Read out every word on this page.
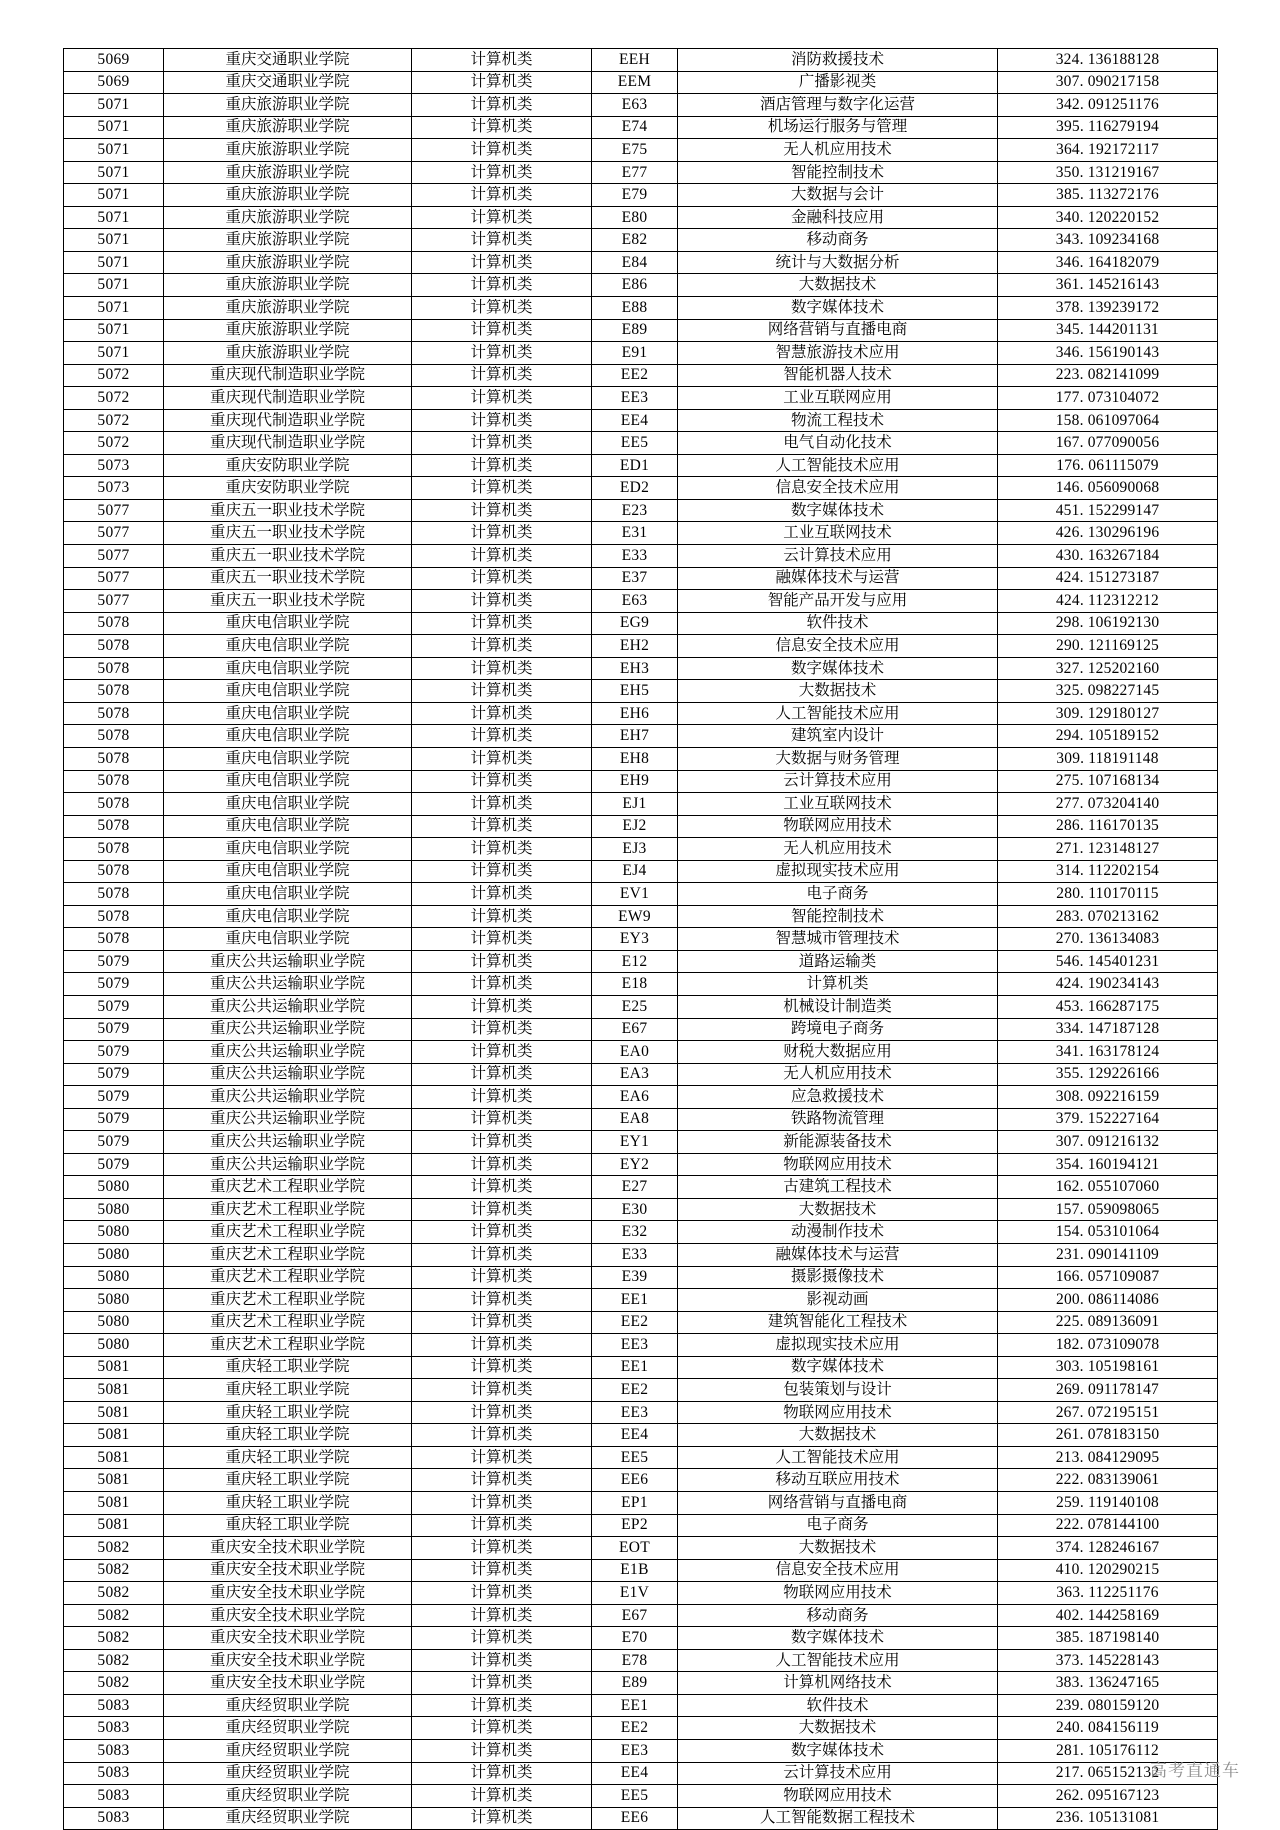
5069	重庆交通职业学院	计算机类	EEH	消防救援技术	324. 136188128
5069	重庆交通职业学院	计算机类	EEM	广播影视类	307. 090217158
5071	重庆旅游职业学院	计算机类	E63	酒店管理与数字化运营	342. 091251176
5071	重庆旅游职业学院	计算机类	E74	机场运行服务与管理	395. 116279194
5071	重庆旅游职业学院	计算机类	E75	无人机应用技术	364. 192172117
5071	重庆旅游职业学院	计算机类	E77	智能控制技术	350. 131219167
5071	重庆旅游职业学院	计算机类	E79	大数据与会计	385. 113272176
5071	重庆旅游职业学院	计算机类	E80	金融科技应用	340. 120220152
5071	重庆旅游职业学院	计算机类	E82	移动商务	343. 109234168
5071	重庆旅游职业学院	计算机类	E84	统计与大数据分析	346. 164182079
5071	重庆旅游职业学院	计算机类	E86	大数据技术	361. 145216143
5071	重庆旅游职业学院	计算机类	E88	数字媒体技术	378. 139239172
5071	重庆旅游职业学院	计算机类	E89	网络营销与直播电商	345. 144201131
5071	重庆旅游职业学院	计算机类	E91	智慧旅游技术应用	346. 156190143
5072	重庆现代制造职业学院	计算机类	EE2	智能机器人技术	223. 082141099
5072	重庆现代制造职业学院	计算机类	EE3	工业互联网应用	177. 073104072
5072	重庆现代制造职业学院	计算机类	EE4	物流工程技术	158. 061097064
5072	重庆现代制造职业学院	计算机类	EE5	电气自动化技术	167. 077090056
5073	重庆安防职业学院	计算机类	ED1	人工智能技术应用	176. 061115079
5073	重庆安防职业学院	计算机类	ED2	信息安全技术应用	146. 056090068
5077	重庆五一职业技术学院	计算机类	E23	数字媒体技术	451. 152299147
5077	重庆五一职业技术学院	计算机类	E31	工业互联网技术	426. 130296196
5077	重庆五一职业技术学院	计算机类	E33	云计算技术应用	430. 163267184
5077	重庆五一职业技术学院	计算机类	E37	融媒体技术与运营	424. 151273187
5077	重庆五一职业技术学院	计算机类	E63	智能产品开发与应用	424. 112312212
5078	重庆电信职业学院	计算机类	EG9	软件技术	298. 106192130
5078	重庆电信职业学院	计算机类	EH2	信息安全技术应用	290. 121169125
5078	重庆电信职业学院	计算机类	EH3	数字媒体技术	327. 125202160
5078	重庆电信职业学院	计算机类	EH5	大数据技术	325. 098227145
5078	重庆电信职业学院	计算机类	EH6	人工智能技术应用	309. 129180127
5078	重庆电信职业学院	计算机类	EH7	建筑室内设计	294. 105189152
5078	重庆电信职业学院	计算机类	EH8	大数据与财务管理	309. 118191148
5078	重庆电信职业学院	计算机类	EH9	云计算技术应用	275. 107168134
5078	重庆电信职业学院	计算机类	EJ1	工业互联网技术	277. 073204140
5078	重庆电信职业学院	计算机类	EJ2	物联网应用技术	286. 116170135
5078	重庆电信职业学院	计算机类	EJ3	无人机应用技术	271. 123148127
5078	重庆电信职业学院	计算机类	EJ4	虚拟现实技术应用	314. 112202154
5078	重庆电信职业学院	计算机类	EV1	电子商务	280. 110170115
5078	重庆电信职业学院	计算机类	EW9	智能控制技术	283. 070213162
5078	重庆电信职业学院	计算机类	EY3	智慧城市管理技术	270. 136134083
5079	重庆公共运输职业学院	计算机类	E12	道路运输类	546. 145401231
5079	重庆公共运输职业学院	计算机类	E18	计算机类	424. 190234143
5079	重庆公共运输职业学院	计算机类	E25	机械设计制造类	453. 166287175
5079	重庆公共运输职业学院	计算机类	E67	跨境电子商务	334. 147187128
5079	重庆公共运输职业学院	计算机类	EA0	财税大数据应用	341. 163178124
5079	重庆公共运输职业学院	计算机类	EA3	无人机应用技术	355. 129226166
5079	重庆公共运输职业学院	计算机类	EA6	应急救援技术	308. 092216159
5079	重庆公共运输职业学院	计算机类	EA8	铁路物流管理	379. 152227164
5079	重庆公共运输职业学院	计算机类	EY1	新能源装备技术	307. 091216132
5079	重庆公共运输职业学院	计算机类	EY2	物联网应用技术	354. 160194121
5080	重庆艺术工程职业学院	计算机类	E27	古建筑工程技术	162. 055107060
5080	重庆艺术工程职业学院	计算机类	E30	大数据技术	157. 059098065
5080	重庆艺术工程职业学院	计算机类	E32	动漫制作技术	154. 053101064
5080	重庆艺术工程职业学院	计算机类	E33	融媒体技术与运营	231. 090141109
5080	重庆艺术工程职业学院	计算机类	E39	摄影摄像技术	166. 057109087
5080	重庆艺术工程职业学院	计算机类	EE1	影视动画	200. 086114086
5080	重庆艺术工程职业学院	计算机类	EE2	建筑智能化工程技术	225. 089136091
5080	重庆艺术工程职业学院	计算机类	EE3	虚拟现实技术应用	182. 073109078
5081	重庆轻工职业学院	计算机类	EE1	数字媒体技术	303. 105198161
5081	重庆轻工职业学院	计算机类	EE2	包装策划与设计	269. 091178147
5081	重庆轻工职业学院	计算机类	EE3	物联网应用技术	267. 072195151
5081	重庆轻工职业学院	计算机类	EE4	大数据技术	261. 078183150
5081	重庆轻工职业学院	计算机类	EE5	人工智能技术应用	213. 084129095
5081	重庆轻工职业学院	计算机类	EE6	移动互联应用技术	222. 083139061
5081	重庆轻工职业学院	计算机类	EP1	网络营销与直播电商	259. 119140108
5081	重庆轻工职业学院	计算机类	EP2	电子商务	222. 078144100
5082	重庆安全技术职业学院	计算机类	EOT	大数据技术	374. 128246167
5082	重庆安全技术职业学院	计算机类	E1B	信息安全技术应用	410. 120290215
5082	重庆安全技术职业学院	计算机类	E1V	物联网应用技术	363. 112251176
5082	重庆安全技术职业学院	计算机类	E67	移动商务	402. 144258169
5082	重庆安全技术职业学院	计算机类	E70	数字媒体技术	385. 187198140
5082	重庆安全技术职业学院	计算机类	E78	人工智能技术应用	373. 145228143
5082	重庆安全技术职业学院	计算机类	E89	计算机网络技术	383. 136247165
5083	重庆经贸职业学院	计算机类	EE1	软件技术	239. 080159120
5083	重庆经贸职业学院	计算机类	EE2	大数据技术	240. 084156119
5083	重庆经贸职业学院	计算机类	EE3	数字媒体技术	281. 105176112
5083	重庆经贸职业学院	计算机类	EE4	云计算技术应用	217. 065152132
5083	重庆经贸职业学院	计算机类	EE5	物联网应用技术	262. 095167123
5083	重庆经贸职业学院	计算机类	EE6	人工智能数据工程技术	236. 105131081
高考直通车
